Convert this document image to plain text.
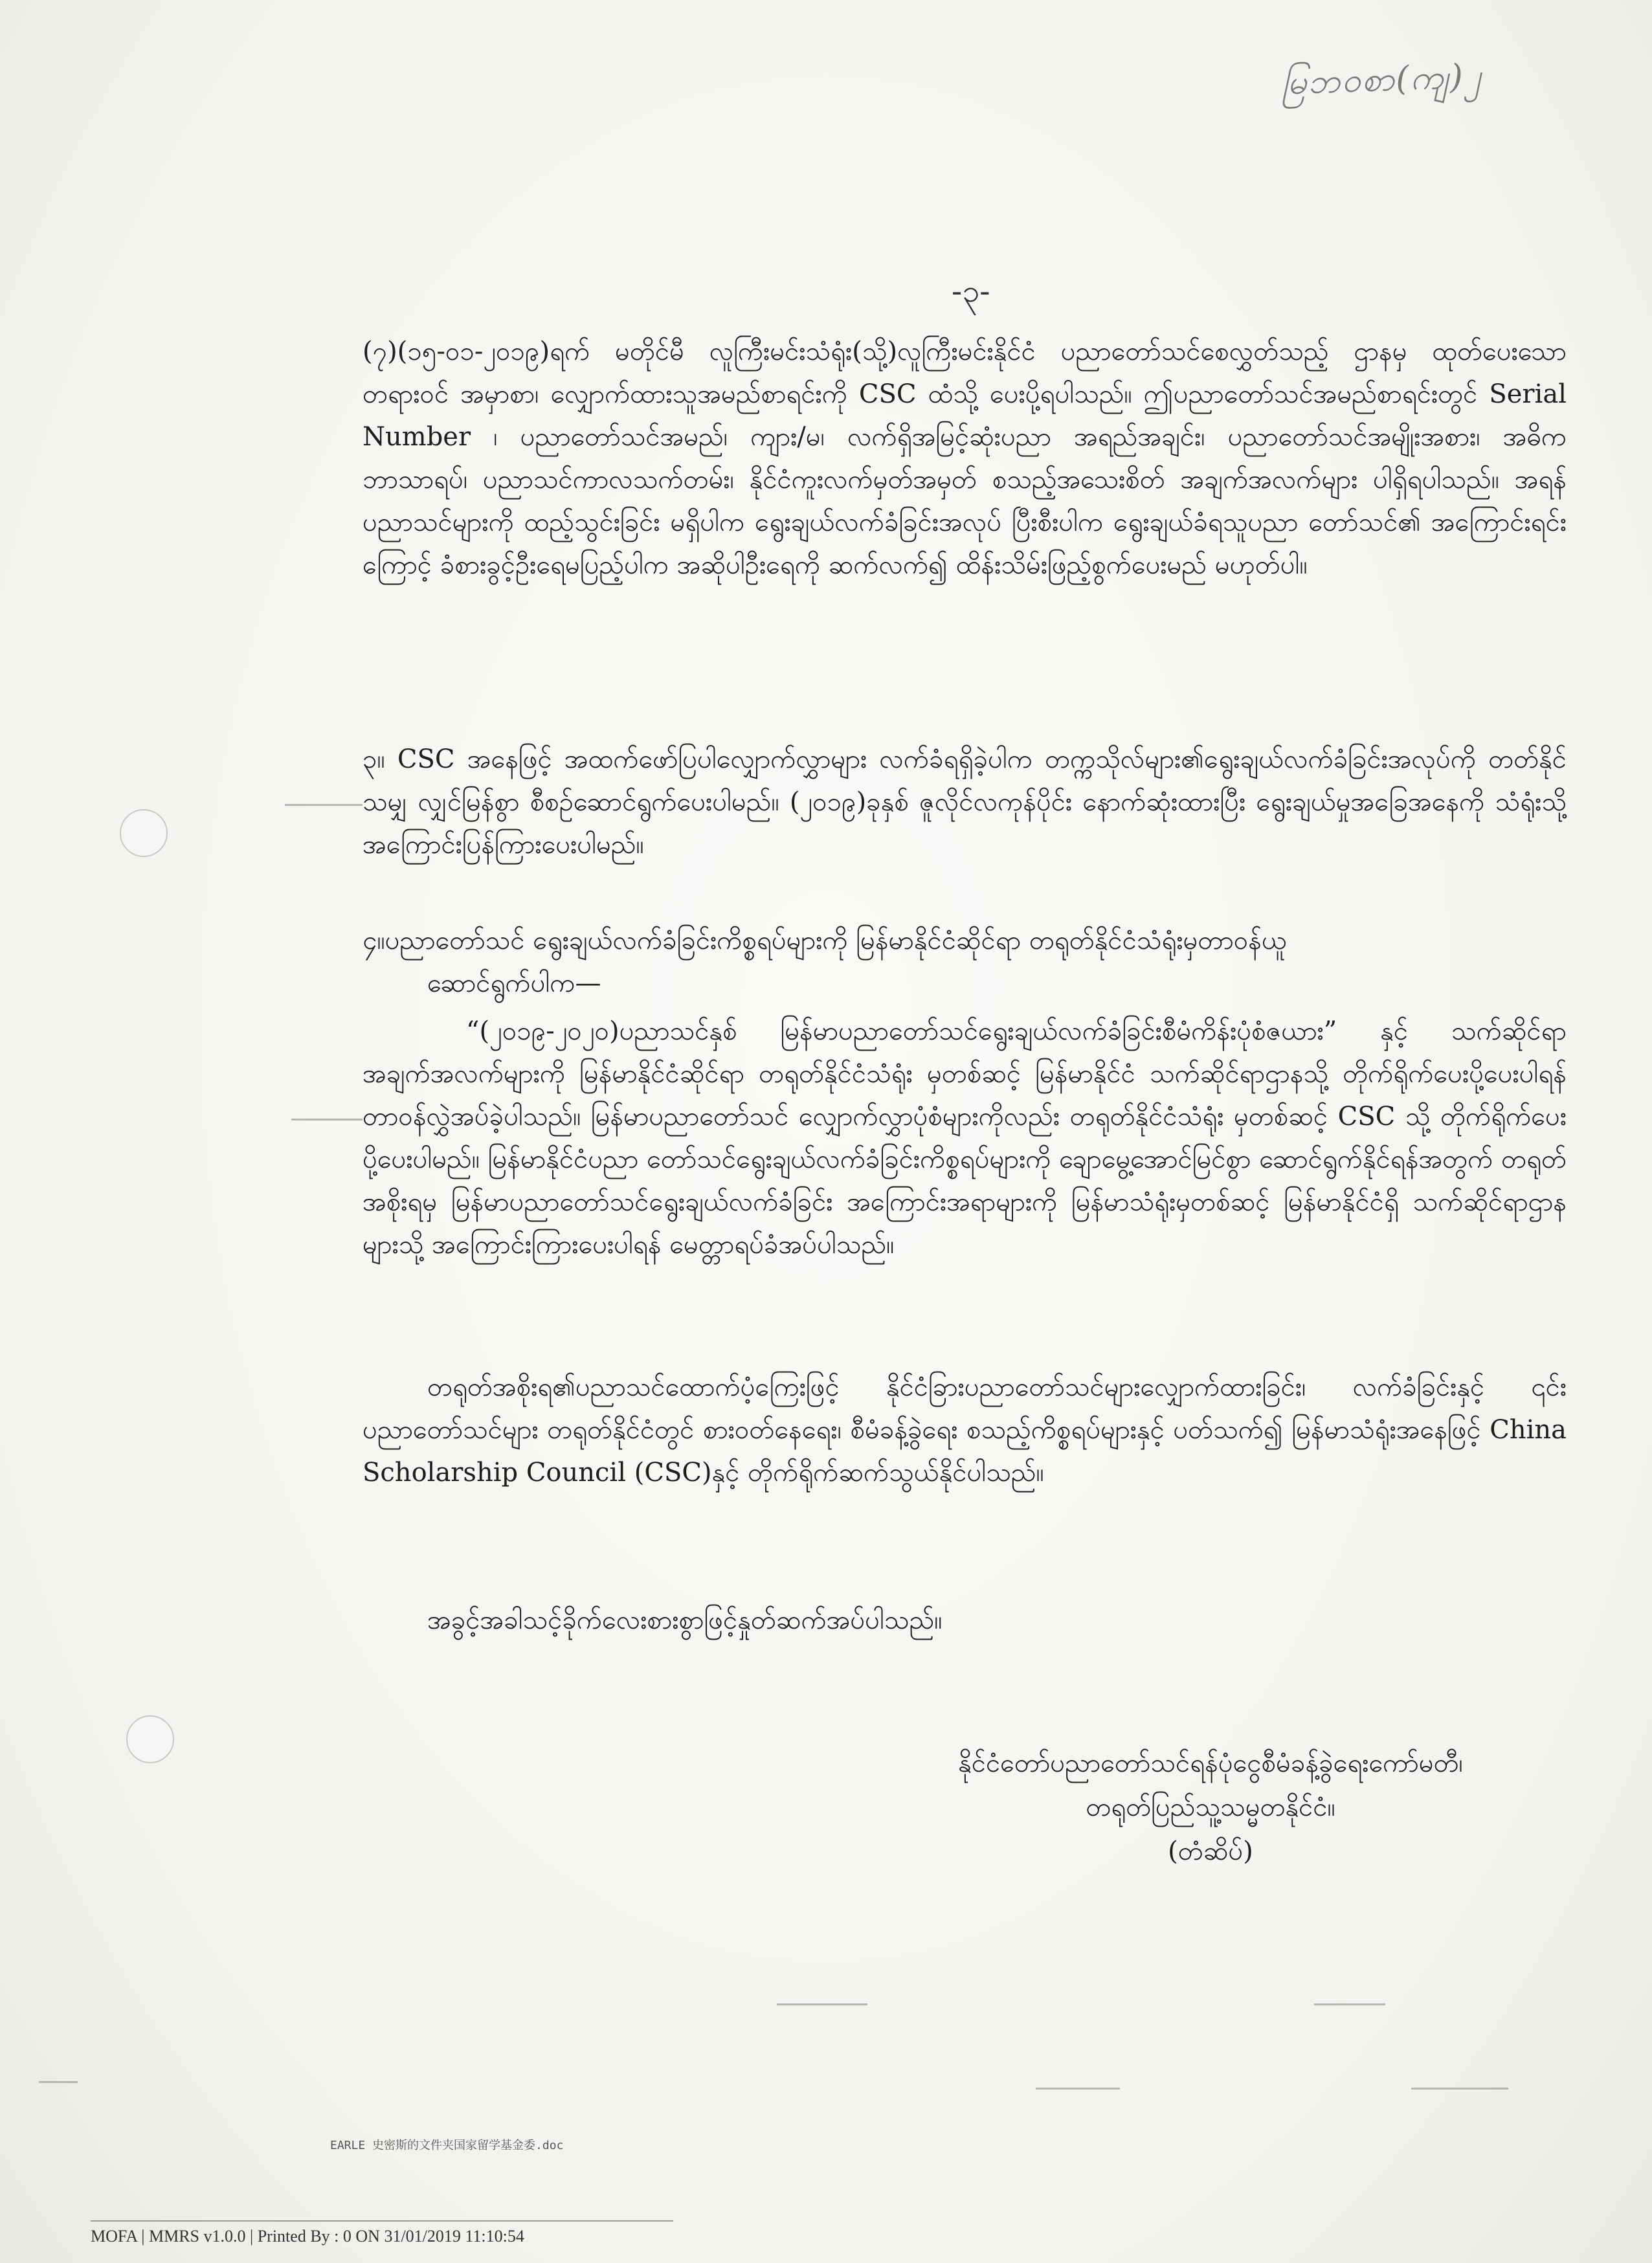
မြဘဝစာ(ကျ)၂
-၃-

(၇)(၁၅-၀၁-၂၀၁၉)ရက် မတိုင်မီ လူကြီးမင်းသံရုံး(သို့)လူကြီးမင်းနိုင်ငံ ပညာတော်သင်စေလွှတ်သည့် ဌာနမှ ထုတ်ပေးသော တရားဝင် အမှာစာ၊ လျှောက်ထားသူအမည်စာရင်းကို CSC ထံသို့ ပေးပို့ရပါသည်။ ဤပညာတော်သင်အမည်စာရင်းတွင် Serial Number ၊ ပညာတော်သင်အမည်၊ ကျား/မ၊ လက်ရှိအမြင့်ဆုံးပညာ အရည်အချင်း၊ ပညာတော်သင်အမျိုးအစား၊ အဓိကဘာသာရပ်၊ ပညာသင်ကာလသက်တမ်း၊ နိုင်ငံကူးလက်မှတ်အမှတ် စသည့်အသေးစိတ် အချက်အလက်များ ပါရှိရပါသည်။ အရန်ပညာသင်များကို ထည့်သွင်းခြင်း မရှိပါက ရွေးချယ်လက်ခံခြင်းအလုပ် ပြီးစီးပါက ရွေးချယ်ခံရသူပညာ တော်သင်၏ အကြောင်းရင်းကြောင့် ခံစားခွင့်ဦးရေမပြည့်ပါက အဆိုပါဦးရေကို ဆက်လက်၍ ထိန်းသိမ်းဖြည့်စွက်ပေးမည် မဟုတ်ပါ။

၃။ CSC အနေဖြင့် အထက်ဖော်ပြပါလျှောက်လွှာများ လက်ခံရရှိခဲ့ပါက တက္ကသိုလ်များ၏ရွေးချယ်လက်ခံခြင်းအလုပ်ကို တတ်နိုင်သမျှ လျှင်မြန်စွာ စီစဉ်ဆောင်ရွက်ပေးပါမည်။ (၂၀၁၉)ခုနှစ် ဇူလိုင်လကုန်ပိုင်း နောက်ဆုံးထားပြီး ရွေးချယ်မှုအခြေအနေကို သံရုံးသို့ အကြောင်းပြန်ကြားပေးပါမည်။

၄။ပညာတော်သင် ရွေးချယ်လက်ခံခြင်းကိစ္စရပ်များကို မြန်မာနိုင်ငံဆိုင်ရာ တရုတ်နိုင်ငံသံရုံးမှတာဝန်ယူ
ဆောင်ရွက်ပါက—
“(၂၀၁၉-၂၀၂၀)ပညာသင်နှစ် မြန်မာပညာတော်သင်ရွေးချယ်လက်ခံခြင်းစီမံကိန်းပုံစံဇယား” နှင့် သက်ဆိုင်ရာအချက်အလက်များကို မြန်မာနိုင်ငံဆိုင်ရာ တရုတ်နိုင်ငံသံရုံး မှတစ်ဆင့် မြန်မာနိုင်ငံ သက်ဆိုင်ရာဌာနသို့ တိုက်ရိုက်ပေးပို့ပေးပါရန် တာဝန်လွှဲအပ်ခဲ့ပါသည်။ မြန်မာပညာတော်သင် လျှောက်လွှာပုံစံများကိုလည်း တရုတ်နိုင်ငံသံရုံး မှတစ်ဆင့် CSC သို့ တိုက်ရိုက်ပေးပို့ပေးပါမည်။ မြန်မာနိုင်ငံပညာ တော်သင်ရွေးချယ်လက်ခံခြင်းကိစ္စရပ်များကို ချောမွေ့အောင်မြင်စွာ ဆောင်ရွက်နိုင်ရန်အတွက် တရုတ်အစိုးရမှ မြန်မာပညာတော်သင်ရွေးချယ်လက်ခံခြင်း အကြောင်းအရာများကို မြန်မာသံရုံးမှတစ်ဆင့် မြန်မာနိုင်ငံရှိ သက်ဆိုင်ရာဌာနများသို့ အကြောင်းကြားပေးပါရန် မေတ္တာရပ်ခံအပ်ပါသည်။

တရုတ်အစိုးရ၏ပညာသင်ထောက်ပံ့ကြေးဖြင့် နိုင်ငံခြားပညာတော်သင်များလျှောက်ထားခြင်း၊ လက်ခံခြင်းနှင့် ၎င်းပညာတော်သင်များ တရုတ်နိုင်ငံတွင် စားဝတ်နေရေး၊ စီမံခန့်ခွဲရေး စသည့်ကိစ္စရပ်များနှင့် ပတ်သက်၍ မြန်မာသံရုံးအနေဖြင့် China Scholarship Council (CSC)နှင့် တိုက်ရိုက်ဆက်သွယ်နိုင်ပါသည်။

အခွင့်အခါသင့်ခိုက်လေးစားစွာဖြင့်နှုတ်ဆက်အပ်ပါသည်။

နိုင်ငံတော်ပညာတော်သင်ရန်ပုံငွေစီမံခန့်ခွဲရေးကော်မတီ၊
တရုတ်ပြည်သူ့သမ္မတနိုင်ငံ။
(တံဆိပ်)
EARLE 史密斯的文件夹国家留学基金委.doc
MOFA | MMRS v1.0.0 | Printed By : 0 ON 31/01/2019 11:10:54
